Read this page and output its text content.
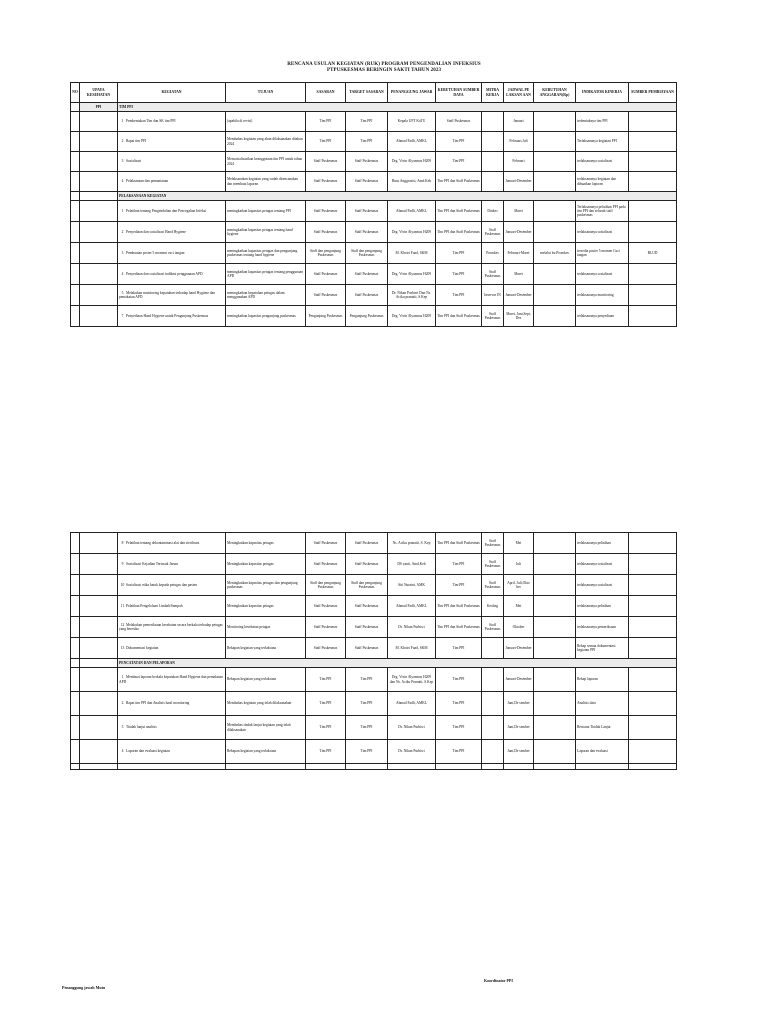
RENCANA USULAN KEGIATAN (RUK) PROGRAM PENGENDALIAN INFEKSIUS
PTPUSKESMAS BERINGIN SAKTI TAHUN 2023
NO	UPAYA KESEHATAN	KEGIATAN	TUJUAN	SASARAN	TARGET SASARAN	PENANGGUNG JAWAB	KEBUTUHAN SUMBER DAYA	MITRA KERJA	JADWAL PE LAKSAN AAN	KEBUTUHAN ANGGARAN(Rp)	INDIKATOR KINERJA	SUMBER PEMBIAYAAN
	PPI	TIM PPI										
		1 Pembentukan Tim dan SK tim PPI	(apabila di revisi)	Tim PPI	Tim PPI	Kepala UPT KaTU	Staff Puskesmas		Januari		terbentuknya tim PPI	
		2 Rapat tim PPI	Membahas kegiatan yang akan dilaksanakan ditahun 2024	Tim PPI	Tim PPI	Ahmad Fadli, AMKL	Tim PPI		Februari,Juli		Terlaksananya kegiatan PPI	
		3 Sosialisasi	Mensosialisasikan keanggotaan tim PPI untuk tahun 2024	Staff Puskesmas	Staff Puskesmas	Drg. Vivin Alyasmus H209	Tim PPI		Februari		terlaksananya sosialisasi	
		4 Pelaksanaan dan pemantauan	Melaksanakan kegiatan yang sudah direncanakan dan membuat laporan	Staff Puskesmas	Staff Puskesmas	Rusu Anggrasisi, Amd.Keb	Tim PPI dan Staff Puskesmas		Januari-Desember		terlaksananya kegiatan dan dibuatkan laporan	
		PELAKSANAAN KEGIATAN										
		1 Pelatihan tentang Pengendalian dan Pencegahan Infeksi	meningkatkan kapasitas petugas tentang PPI	Staff Puskesmas	Staff Puskesmas	Ahmad Fadli, AMKL	Tim PPI dan Staff Puskesmas	Dinkes	Maret		Terlaksananya pelatihan PPI pada tim PPI dan seluruh staff puskesmas	
		2 Penyediaan dan sosialisasi Hand Hygiene	meningkatkan kapasitas petugas tentang hand hygiene	Staff Puskesmas	Staff Puskesmas	Drg. Vivin Alyasmus H209	Tim PPI dan Staff Puskesmas	Staff Puskesmas	Januari-Desember		terlaksananya sosialisasi	
		3 Pembuatan poster 5 moment cuci tangan	meningkatkan kapasitas petugas dan pengunjung puskesmas tentang hand hygiene	Staff dan pengunjung Puskesmas	Staff dan pengunjung Puskesmas	M. Khoiri Fuad, SKM	Tim PPI	Promkes	Februari-Maret	melalui bu Promkes	tersedia poster 5 momen Cuci tangan	BLUD
		4 Penyediaan dan sosialisasi indikasi penggunaan APD	meningkatkan kapasitas petugas tentang penggunaan APD	Staff Puskesmas	Staff Puskesmas	Drg. Vivin Alyasmus H209	Tim PPI	Staff Puskesmas	Maret		terlaksananya sosialisasi	
		5 Melakukan monitoring kepatuhan terhadap hand Hygiene dan pemakaian APD	meningkatkan kepatuhan petugas dalam menggunakan APD	Staff Puskesmas	Staff Puskesmas	Dr. Nikan Purbiwi Dan Ns. Aciku pranatti, S.Kep	Tim PPI	Inservar IN	Januari-Desember		terlaksananya monitoring	
		7 Penyediaan Hand Hygiene untuk Pengunjung Puskesmas	meningkatkan kapasitas pengunjung puskesmas	Pengunjung Puskesmas	Pengunjung Puskesmas	Drg. Vivin Alyasmus H209	Tim PPI dan Staff Puskesmas	Staff Puskesmas	Maret, Juni,Sept, Des		terlaksananya penyediaan	
		8 Pelatihan tentang dekontaminasi alat dan sterilisasi	Meningkatkan kapasitas petugas	Staff Puskesmas	Staff Puskesmas	Ns. Aciku pranatti, S. Kep	Tim PPI dan Staff Puskesmas	Staff Puskesmas	Mei		terlaksananya pelatihan	
		9 Sosialisasi Kejadian Tertusuk Jarum	Meningkatkan kapasitas petugas	Staff Puskesmas	Staff Puskesmas	DS yanti, Amd.Keb	Tim PPI	Staff Puskesmas	Juli		terlaksananya sosialisasi	
		10 Sosialisasi etika batuk kepada petugas dan pasien	Meningkatkan kapasitas petugas dan pengunjung puskesmas	Staff dan pengunjung Puskesmas	Staff dan pengunjung Puskesmas	Siti Nuraini, AMK	Tim PPI	Staff Puskesmas	April, Juli,Okto ber		terlaksananya sosialisasi	
		11 Pelatihan Pengelolaan Limbah/Sampah	Meningkatkan kapasitas petugas	Staff Puskesmas	Staff Puskesmas	Ahmad Fadli, AMKL	Tim PPI dan Staff Puskesmas	Kesling	Mei		terlaksananya pelatihan	
		12 Melakukan pemeriksaan kesehatan secara berkala terhadap petugas yang beresiko	Monitoring kesehatan petugas	Staff Puskesmas	Staff Puskesmas	Dr. Nikan Purbiwi	Tim PPI dan Staff Puskesmas	Staff Puskesmas	Oktober		terlaksananya pemeriksaan	
		13 Dokumentasi kegiatan	Rekapan kegiatan yang terlaksana	Staff Puskesmas	Staff Puskesmas	M. Khoiri Fuad, SKM	Tim PPI		Januari-Desember		Rekap semua dokumentasi kegiatan PPI	
		PENCATATAN DAN PELAPORAN										
		1 Membuat laporan berkala kepatuhan Hand Hygiene dan pemakaian APD	Rekapan kegiatan yang terlaksana	Tim PPI	Tim PPI	Drg. Vivin Alyasmus H209 dan Ns. Aciku Pranatti, S.Kep	Tim PPI		Januari-Desember		Rekap laporan	
		2 Rapat tim PPI dan Analisis hasil monitoring	Membahas kegiatan yang telah dilaksanakan	Tim PPI	Tim PPI	Ahmad Fadli, AMKL	Tim PPI		Juni,De sember		Analisis data	
		3 Tindak lanjut analisis	Membahas tindak lanjut kegiatan yang telah dilaksanakan	Tim PPI	Tim PPI	Dr. Nikan Purbiwi	Tim PPI		Juni,De sember		Rencana Tindak Lanjut	
		4 Laporan dan evaluasi kegiatan	Rekapan kegiatan yang terlaksana	Tim PPI	Tim PPI	Dr. Nikan Purbiwi	Tim PPI		Juni,De sember		Laporan dan evaluasi	

Penanggung jawab Mutu
Koordinator PPI
